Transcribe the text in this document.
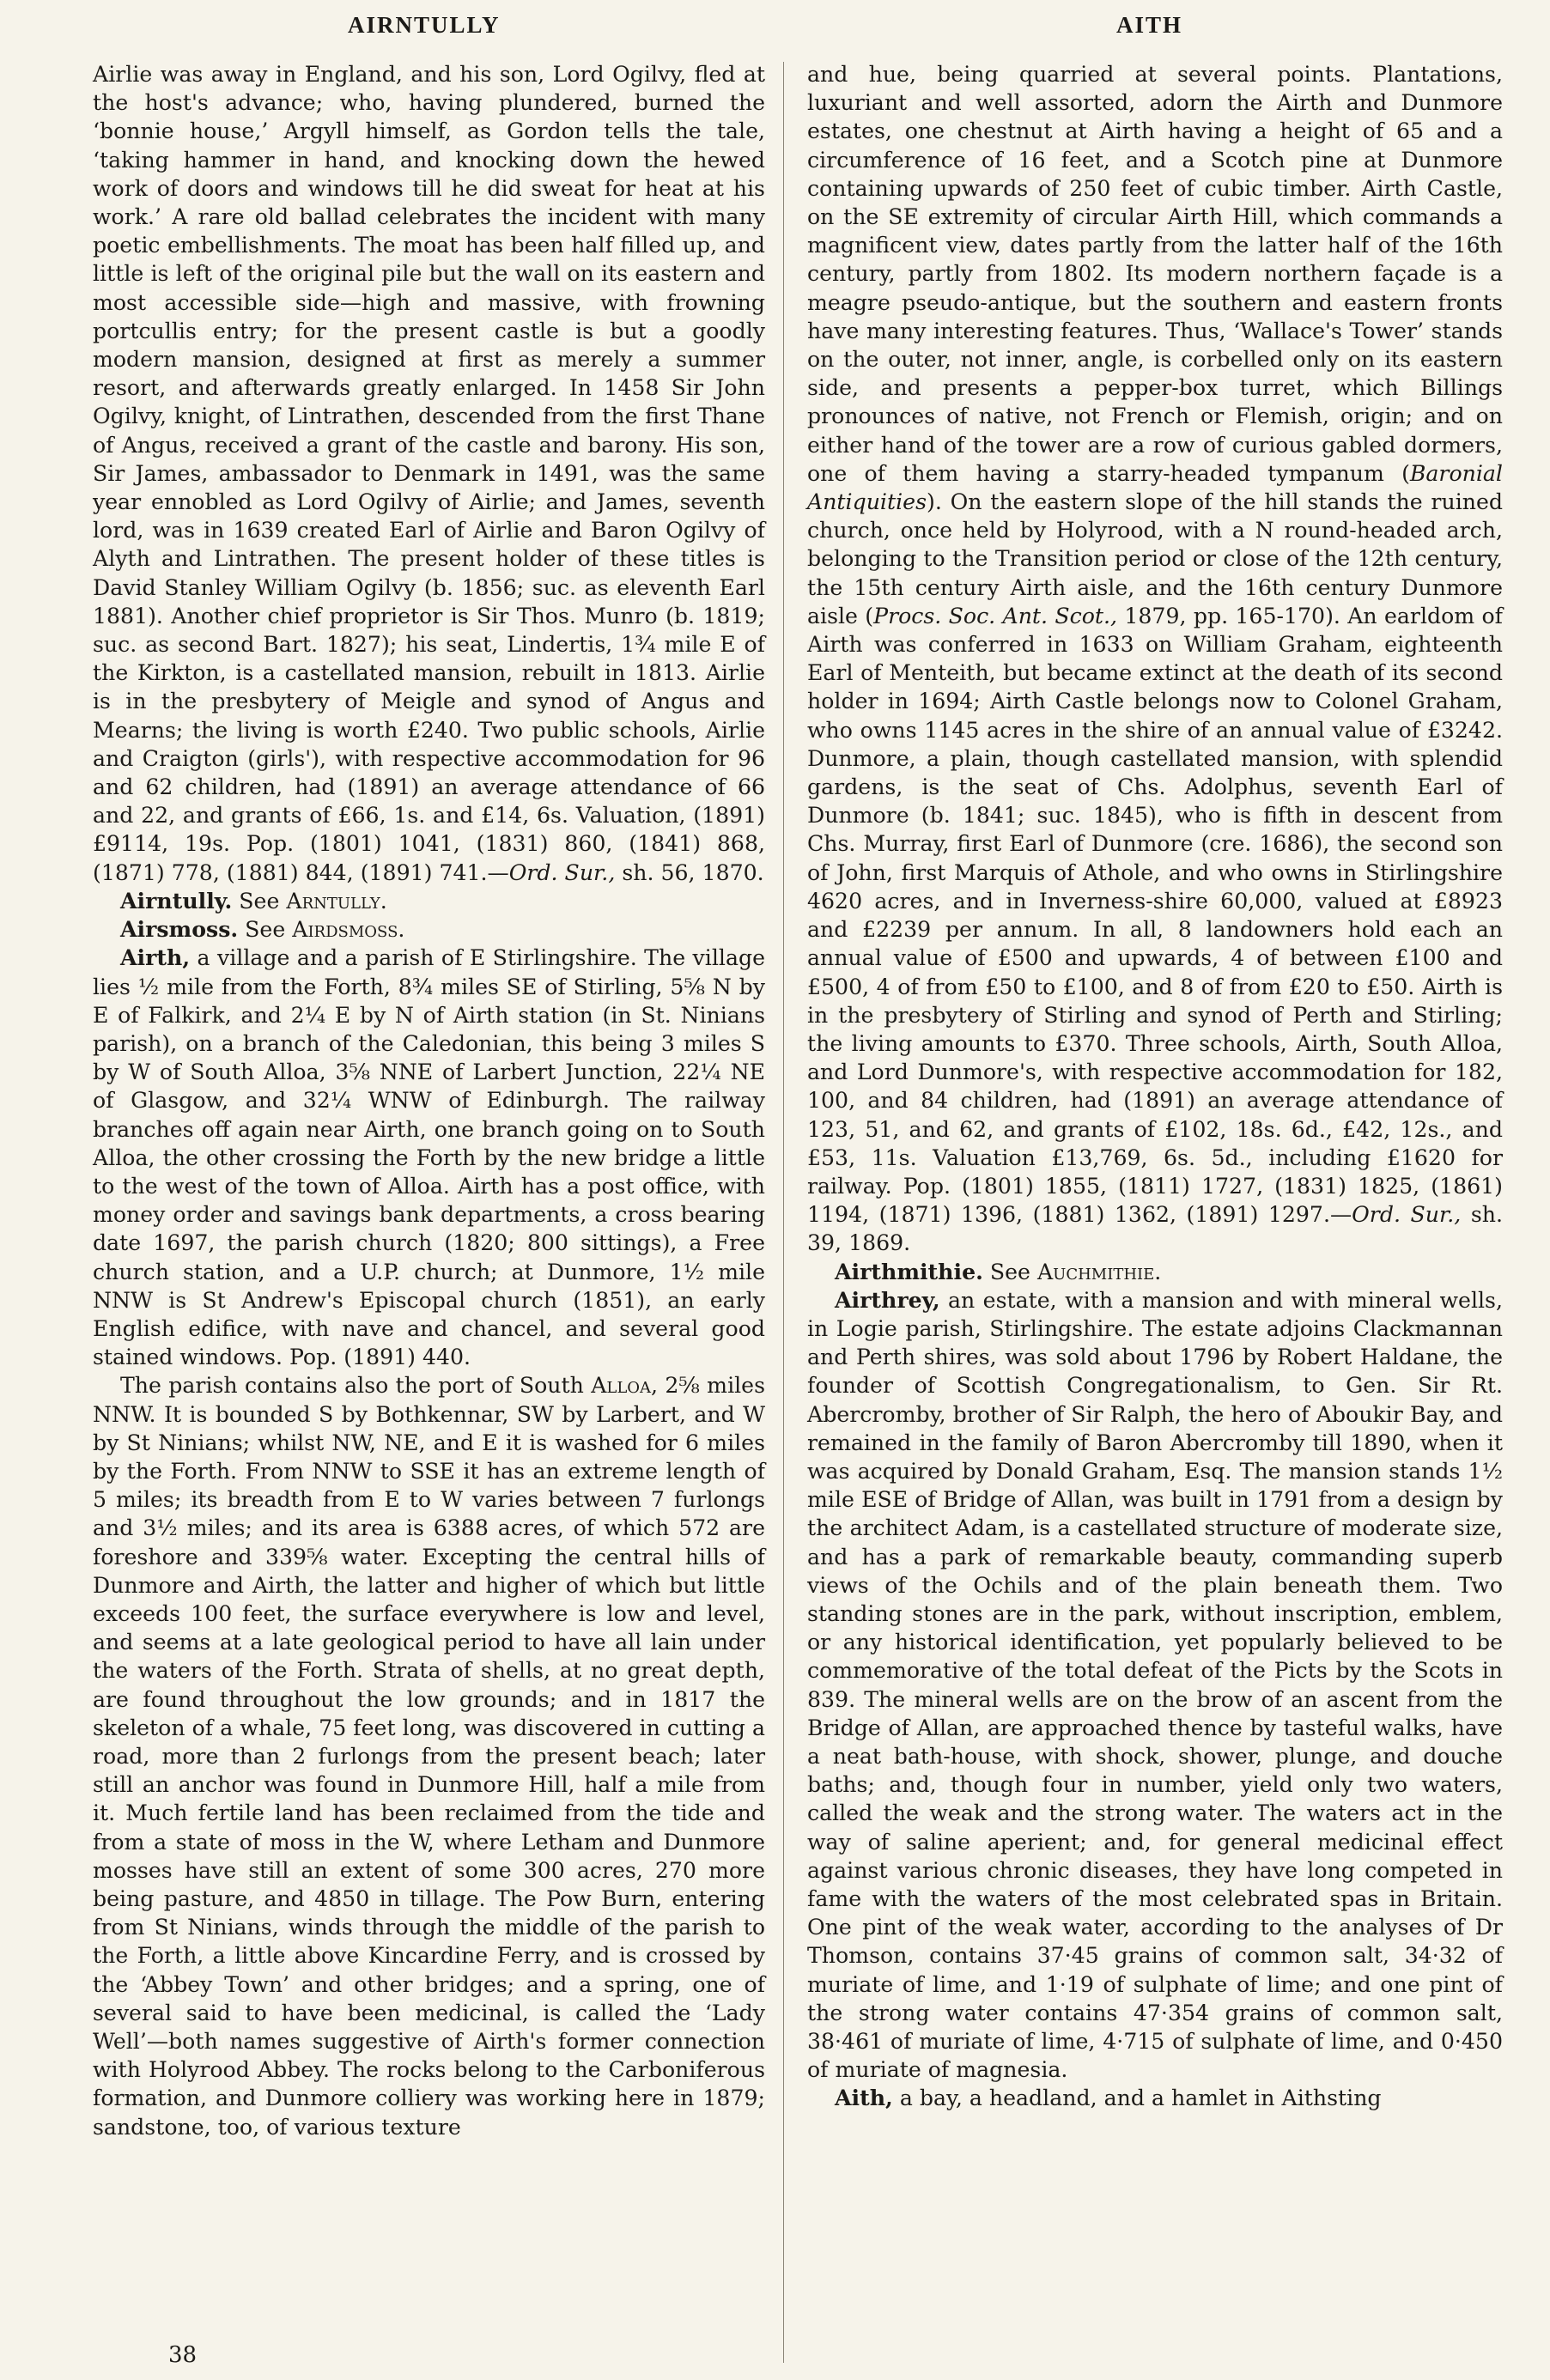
AIRNTULLY	AITH

Airlie was away in England, and his son, Lord Ogilvy, fled at the host's advance; who, having plundered, burned the ‘bonnie house,’ Argyll himself, as Gordon tells the tale, ‘taking hammer in hand, and knocking down the hewed work of doors and windows till he did sweat for heat at his work.’ A rare old ballad celebrates the incident with many poetic embellishments. The moat has been half filled up, and little is left of the original pile but the wall on its eastern and most accessible side—high and massive, with frowning portcullis entry; for the present castle is but a goodly modern mansion, designed at first as merely a summer resort, and afterwards greatly enlarged. In 1458 Sir John Ogilvy, knight, of Lintrathen, descended from the first Thane of Angus, received a grant of the castle and barony. His son, Sir James, ambassador to Denmark in 1491, was the same year ennobled as Lord Ogilvy of Airlie; and James, seventh lord, was in 1639 created Earl of Airlie and Baron Ogilvy of Alyth and Lintrathen. The present holder of these titles is David Stanley William Ogilvy (b. 1856; suc. as eleventh Earl 1881). Another chief proprietor is Sir Thos. Munro (b. 1819; suc. as second Bart. 1827); his seat, Lindertis, 1¾ mile E of the Kirkton, is a castellated mansion, rebuilt in 1813. Airlie is in the presbytery of Meigle and synod of Angus and Mearns; the living is worth £240. Two public schools, Airlie and Craigton (girls'), with respective accommodation for 96 and 62 children, had (1891) an average attendance of 66 and 22, and grants of £66, 1s. and £14, 6s. Valuation, (1891) £9114, 19s. Pop. (1801) 1041, (1831) 860, (1841) 868, (1871) 778, (1881) 844, (1891) 741.—Ord. Sur., sh. 56, 1870.

Airntully. See Arntully.

Airsmoss. See Airdsmoss.

Airth, a village and a parish of E Stirlingshire. The village lies ½ mile from the Forth, 8¾ miles SE of Stirling, 5⅝ N by E of Falkirk, and 2¼ E by N of Airth station (in St. Ninians parish), on a branch of the Caledonian, this being 3 miles S by W of South Alloa, 3⅝ NNE of Larbert Junction, 22¼ NE of Glasgow, and 32¼ WNW of Edinburgh. The railway branches off again near Airth, one branch going on to South Alloa, the other crossing the Forth by the new bridge a little to the west of the town of Alloa. Airth has a post office, with money order and savings bank departments, a cross bearing date 1697, the parish church (1820; 800 sittings), a Free church station, and a U.P. church; at Dunmore, 1½ mile NNW is St Andrew's Episcopal church (1851), an early English edifice, with nave and chancel, and several good stained windows. Pop. (1891) 440.

The parish contains also the port of South Alloa, 2⅝ miles NNW. It is bounded S by Bothkennar, SW by Larbert, and W by St Ninians; whilst NW, NE, and E it is washed for 6 miles by the Forth. From NNW to SSE it has an extreme length of 5 miles; its breadth from E to W varies between 7 furlongs and 3½ miles; and its area is 6388 acres, of which 572 are foreshore and 339⅝ water. Excepting the central hills of Dunmore and Airth, the latter and higher of which but little exceeds 100 feet, the surface everywhere is low and level, and seems at a late geological period to have all lain under the waters of the Forth. Strata of shells, at no great depth, are found throughout the low grounds; and in 1817 the skeleton of a whale, 75 feet long, was discovered in cutting a road, more than 2 furlongs from the present beach; later still an anchor was found in Dunmore Hill, half a mile from it. Much fertile land has been reclaimed from the tide and from a state of moss in the W, where Letham and Dunmore mosses have still an extent of some 300 acres, 270 more being pasture, and 4850 in tillage. The Pow Burn, entering from St Ninians, winds through the middle of the parish to the Forth, a little above Kincardine Ferry, and is crossed by the ‘Abbey Town’ and other bridges; and a spring, one of several said to have been medicinal, is called the ‘Lady Well’—both names suggestive of Airth's former connection with Holyrood Abbey. The rocks belong to the Carboniferous formation, and Dunmore colliery was working here in 1879; sandstone, too, of various texture

and hue, being quarried at several points. Plantations, luxuriant and well assorted, adorn the Airth and Dunmore estates, one chestnut at Airth having a height of 65 and a circumference of 16 feet, and a Scotch pine at Dunmore containing upwards of 250 feet of cubic timber. Airth Castle, on the SE extremity of circular Airth Hill, which commands a magnificent view, dates partly from the latter half of the 16th century, partly from 1802. Its modern northern façade is a meagre pseudo-antique, but the southern and eastern fronts have many interesting features. Thus, ‘Wallace's Tower’ stands on the outer, not inner, angle, is corbelled only on its eastern side, and presents a pepper-box turret, which Billings pronounces of native, not French or Flemish, origin; and on either hand of the tower are a row of curious gabled dormers, one of them having a starry-headed tympanum (Baronial Antiquities). On the eastern slope of the hill stands the ruined church, once held by Holyrood, with a N round-headed arch, belonging to the Transition period or close of the 12th century, the 15th century Airth aisle, and the 16th century Dunmore aisle (Procs. Soc. Ant. Scot., 1879, pp. 165-170). An earldom of Airth was conferred in 1633 on William Graham, eighteenth Earl of Menteith, but became extinct at the death of its second holder in 1694; Airth Castle belongs now to Colonel Graham, who owns 1145 acres in the shire of an annual value of £3242. Dunmore, a plain, though castellated mansion, with splendid gardens, is the seat of Chs. Adolphus, seventh Earl of Dunmore (b. 1841; suc. 1845), who is fifth in descent from Chs. Murray, first Earl of Dunmore (cre. 1686), the second son of John, first Marquis of Athole, and who owns in Stirlingshire 4620 acres, and in Inverness-shire 60,000, valued at £8923 and £2239 per annum. In all, 8 landowners hold each an annual value of £500 and upwards, 4 of between £100 and £500, 4 of from £50 to £100, and 8 of from £20 to £50. Airth is in the presbytery of Stirling and synod of Perth and Stirling; the living amounts to £370. Three schools, Airth, South Alloa, and Lord Dunmore's, with respective accommodation for 182, 100, and 84 children, had (1891) an average attendance of 123, 51, and 62, and grants of £102, 18s. 6d., £42, 12s., and £53, 11s. Valuation £13,769, 6s. 5d., including £1620 for railway. Pop. (1801) 1855, (1811) 1727, (1831) 1825, (1861) 1194, (1871) 1396, (1881) 1362, (1891) 1297.—Ord. Sur., sh. 39, 1869.

Airthmithie. See Auchmithie.

Airthrey, an estate, with a mansion and with mineral wells, in Logie parish, Stirlingshire. The estate adjoins Clackmannan and Perth shires, was sold about 1796 by Robert Haldane, the founder of Scottish Congregationalism, to Gen. Sir Rt. Abercromby, brother of Sir Ralph, the hero of Aboukir Bay, and remained in the family of Baron Abercromby till 1890, when it was acquired by Donald Graham, Esq. The mansion stands 1½ mile ESE of Bridge of Allan, was built in 1791 from a design by the architect Adam, is a castellated structure of moderate size, and has a park of remarkable beauty, commanding superb views of the Ochils and of the plain beneath them. Two standing stones are in the park, without inscription, emblem, or any historical identification, yet popularly believed to be commemorative of the total defeat of the Picts by the Scots in 839. The mineral wells are on the brow of an ascent from the Bridge of Allan, are approached thence by tasteful walks, have a neat bath-house, with shock, shower, plunge, and douche baths; and, though four in number, yield only two waters, called the weak and the strong water. The waters act in the way of saline aperient; and, for general medicinal effect against various chronic diseases, they have long competed in fame with the waters of the most celebrated spas in Britain. One pint of the weak water, according to the analyses of Dr Thomson, contains 37·45 grains of common salt, 34·32 of muriate of lime, and 1·19 of sulphate of lime; and one pint of the strong water contains 47·354 grains of common salt, 38·461 of muriate of lime, 4·715 of sulphate of lime, and 0·450 of muriate of magnesia.

Aith, a bay, a headland, and a hamlet in Aithsting

38
